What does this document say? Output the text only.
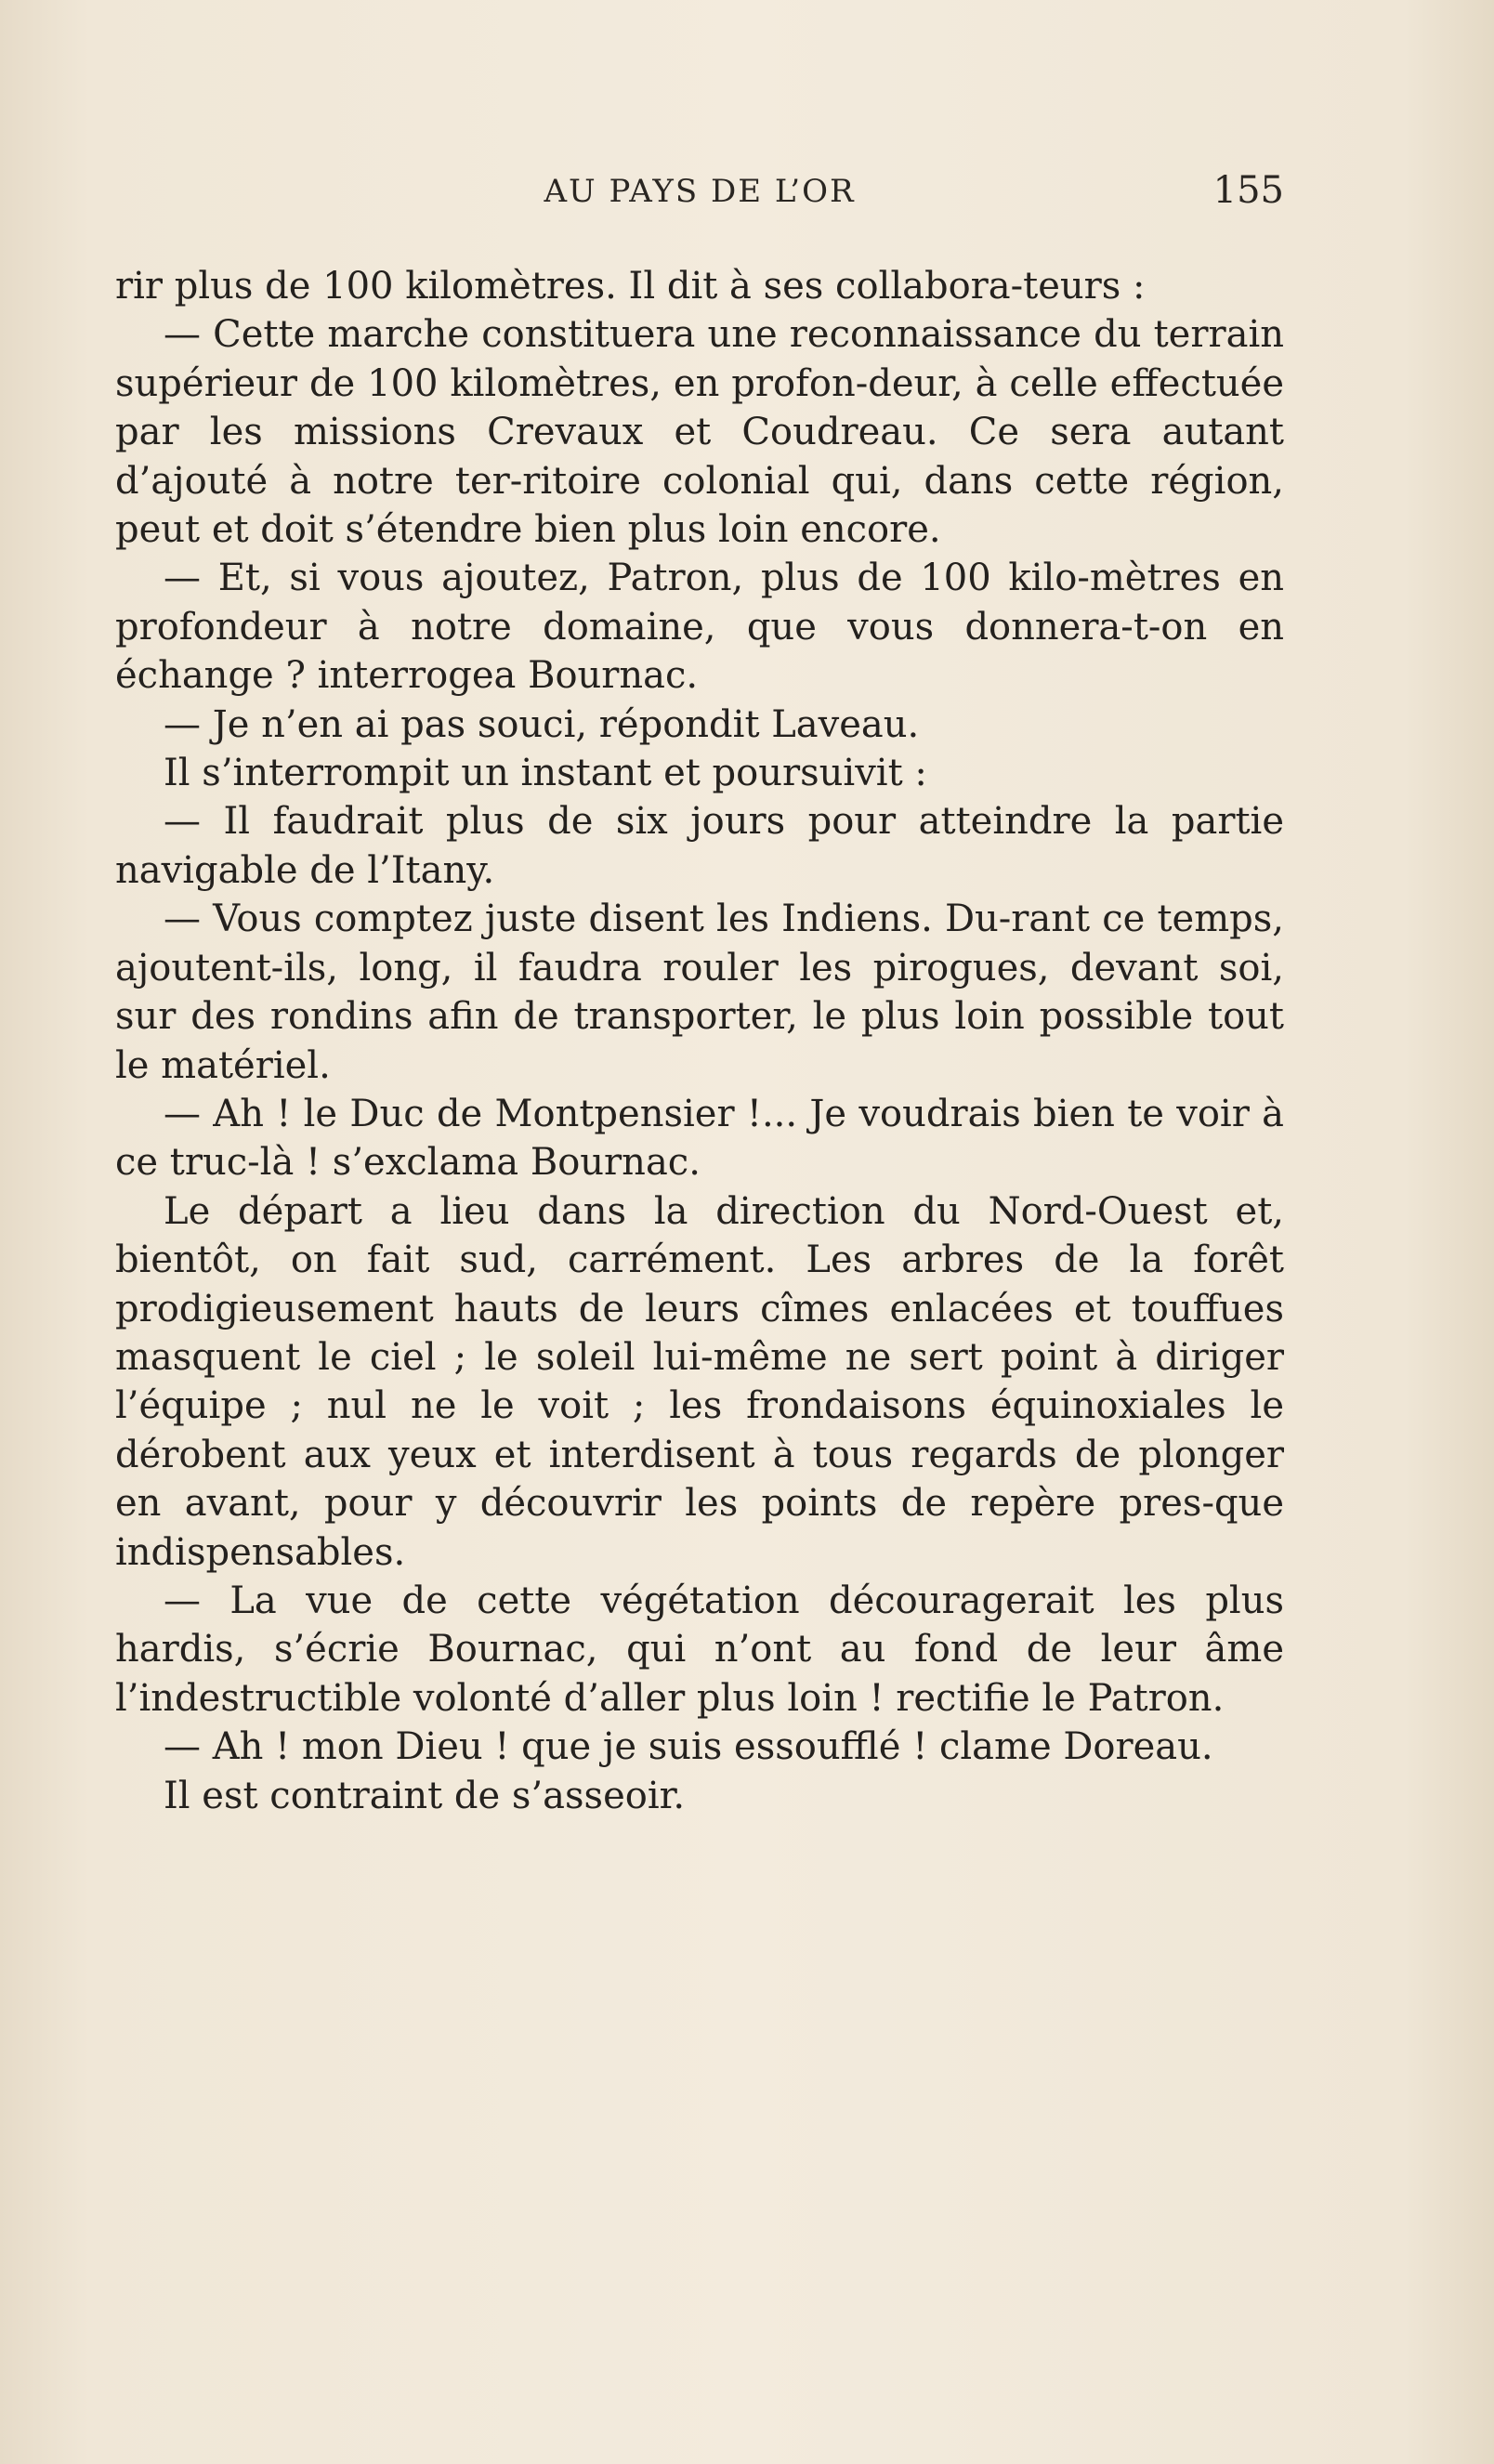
AU PAYS DE L’OR	155

rir plus de 100 kilomètres. Il dit à ses collabora-teurs :

— Cette marche constituera une reconnaissance du terrain supérieur de 100 kilomètres, en profon-deur, à celle effectuée par les missions Crevaux et Coudreau. Ce sera autant d’ajouté à notre ter-ritoire colonial qui, dans cette région, peut et doit s’étendre bien plus loin encore.

— Et, si vous ajoutez, Patron, plus de 100 kilo-mètres en profondeur à notre domaine, que vous donnera-t-on en échange ? interrogea Bournac.

— Je n’en ai pas souci, répondit Laveau.

Il s’interrompit un instant et poursuivit :

— Il faudrait plus de six jours pour atteindre la partie navigable de l’Itany.

— Vous comptez juste disent les Indiens. Du-rant ce temps, ajoutent-ils, long, il faudra rouler les pirogues, devant soi, sur des rondins afin de transporter, le plus loin possible tout le matériel.

— Ah ! le Duc de Montpensier !... Je voudrais bien te voir à ce truc-là ! s’exclama Bournac.

Le départ a lieu dans la direction du Nord-Ouest et, bientôt, on fait sud, carrément. Les arbres de la forêt prodigieusement hauts de leurs cîmes enlacées et touffues masquent le ciel ; le soleil lui-même ne sert point à diriger l’équipe ; nul ne le voit ; les frondaisons équinoxiales le dérobent aux yeux et interdisent à tous regards de plonger en avant, pour y découvrir les points de repère pres-que indispensables.

— La vue de cette végétation découragerait les plus hardis, s’écrie Bournac, qui n’ont au fond de leur âme l’indestructible volonté d’aller plus loin ! rectifie le Patron.

— Ah ! mon Dieu ! que je suis essoufflé ! clame Doreau.

Il est contraint de s’asseoir.
